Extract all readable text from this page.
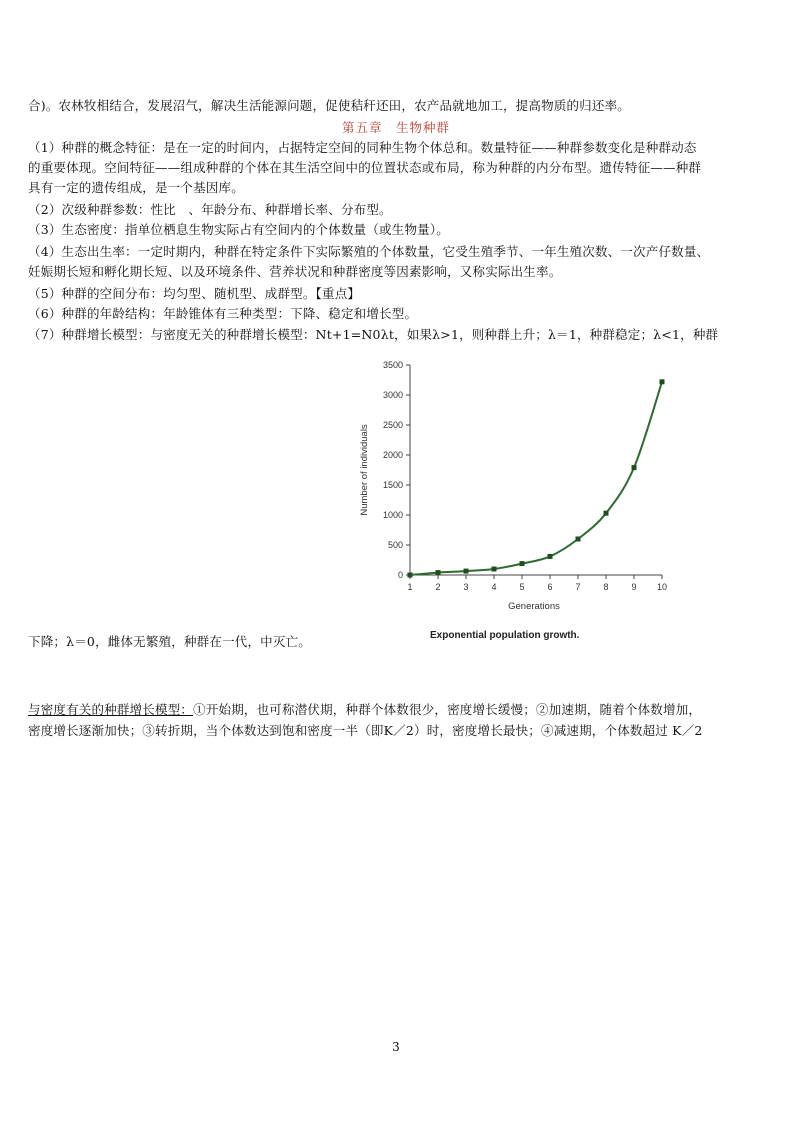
合)。农林牧相结合，发展沼气，解决生活能源问题，促使秸秆还田，农产品就地加工，提高物质的归还率。
第五章　生物种群
（1）种群的概念特征：是在一定的时间内，占据特定空间的同种生物个体总和。数量特征——种群参数变化是种群动态
的重要体现。空间特征——组成种群的个体在其生活空间中的位置状态或布局，称为种群的内分布型。遗传特征——种群
具有一定的遗传组成，是一个基因库。
（2）次级种群参数：性比　、年龄分布、种群增长率、分布型。
（3）生态密度：指单位栖息生物实际占有空间内的个体数量（或生物量）。
（4）生态出生率：一定时期内，种群在特定条件下实际繁殖的个体数量，它受生殖季节、一年生殖次数、一次产仔数量、
妊娠期长短和孵化期长短、以及环境条件、营养状况和种群密度等因素影响，又称实际出生率。
（5）种群的空间分布：均匀型、随机型、成群型。【重点】
（6）种群的年龄结构：年龄锥体有三种类型：下降、稳定和增长型。
（7）种群增长模型：与密度无关的种群增长模型：Nt+1=N0λt，如果λ>1，则种群上升；λ＝1，种群稳定；λ<1，种群
0
500
1000
1500
2000
2500
3000
3500
1	2	3	4	5	6	7	8	9 10
Number of individuals
Generations
Exponential population growth.
下降；λ＝0，雌体无繁殖，种群在一代，中灭亡。
与密度有关的种群增长模型：①开始期，也可称潜伏期，种群个体数很少，密度增长缓慢；②加速期，随着个体数增加，
密度增长逐渐加快；③转折期，当个体数达到饱和密度一半（即K／2）时，密度增长最快；④减速期，个体数超过 K／2
3
